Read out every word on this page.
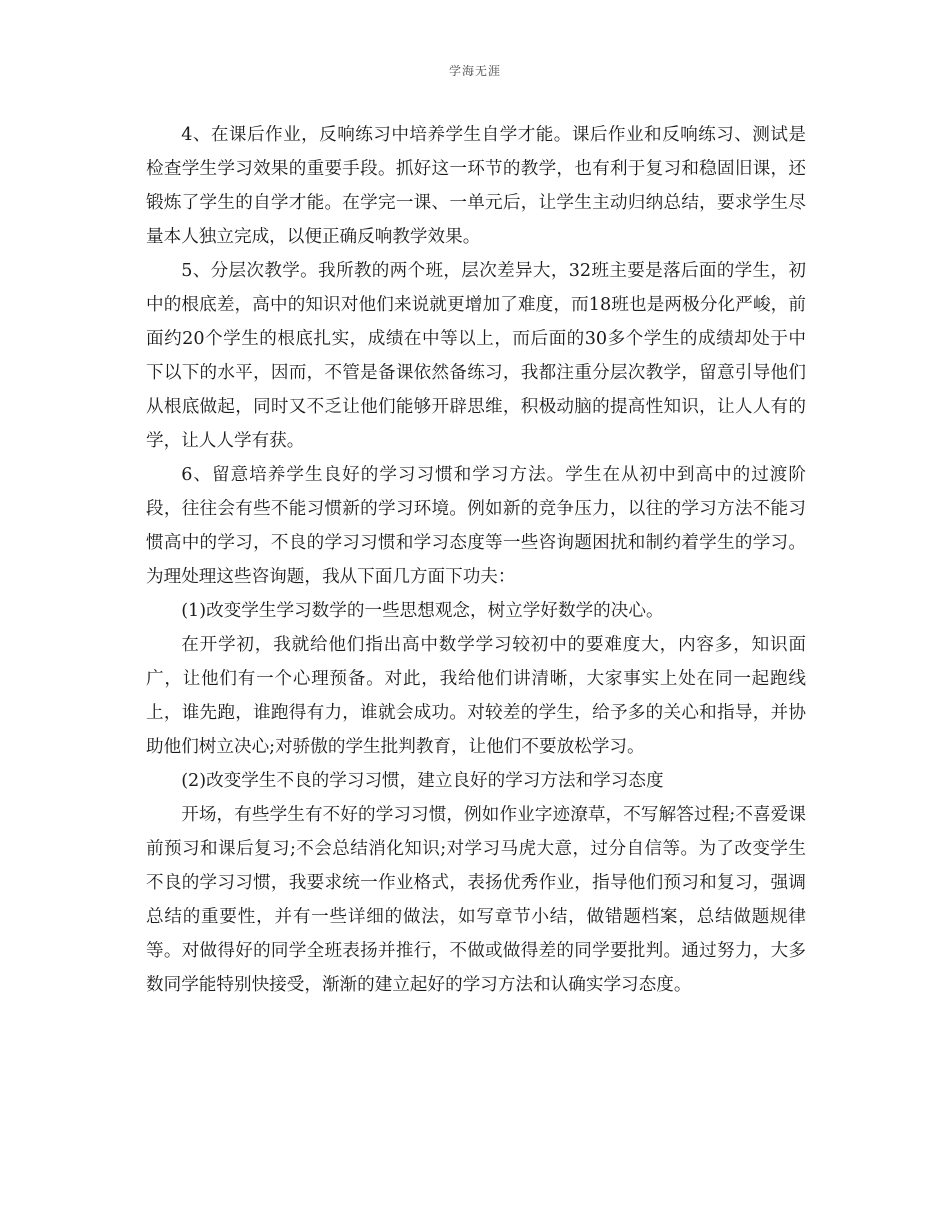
学海无涯

4、在课后作业，反响练习中培养学生自学才能。课后作业和反响练习、测试是检查学生学习效果的重要手段。抓好这一环节的教学，也有利于复习和稳固旧课，还锻炼了学生的自学才能。在学完一课、一单元后，让学生主动归纳总结，要求学生尽量本人独立完成，以便正确反响教学效果。

5、分层次教学。我所教的两个班，层次差异大，32班主要是落后面的学生，初中的根底差，高中的知识对他们来说就更增加了难度，而18班也是两极分化严峻，前面约20个学生的根底扎实，成绩在中等以上，而后面的30多个学生的成绩却处于中下以下的水平，因而，不管是备课依然备练习，我都注重分层次教学，留意引导他们从根底做起，同时又不乏让他们能够开辟思维，积极动脑的提高性知识，让人人有的学，让人人学有获。

6、留意培养学生良好的学习习惯和学习方法。学生在从初中到高中的过渡阶段，往往会有些不能习惯新的学习环境。例如新的竞争压力，以往的学习方法不能习惯高中的学习，不良的学习习惯和学习态度等一些咨询题困扰和制约着学生的学习。为理处理这些咨询题，我从下面几方面下功夫：

(1)改变学生学习数学的一些思想观念，树立学好数学的决心。

在开学初，我就给他们指出高中数学学习较初中的要难度大，内容多，知识面广，让他们有一个心理预备。对此，我给他们讲清晰，大家事实上处在同一起跑线上，谁先跑，谁跑得有力，谁就会成功。对较差的学生，给予多的关心和指导，并协助他们树立决心;对骄傲的学生批判教育，让他们不要放松学习。

(2)改变学生不良的学习习惯，建立良好的学习方法和学习态度

开场，有些学生有不好的学习习惯，例如作业字迹潦草，不写解答过程;不喜爱课前预习和课后复习;不会总结消化知识;对学习马虎大意，过分自信等。为了改变学生不良的学习习惯，我要求统一作业格式，表扬优秀作业，指导他们预习和复习，强调总结的重要性，并有一些详细的做法，如写章节小结，做错题档案，总结做题规律等。对做得好的同学全班表扬并推行，不做或做得差的同学要批判。通过努力，大多数同学能特别快接受，渐渐的建立起好的学习方法和认确实学习态度。
